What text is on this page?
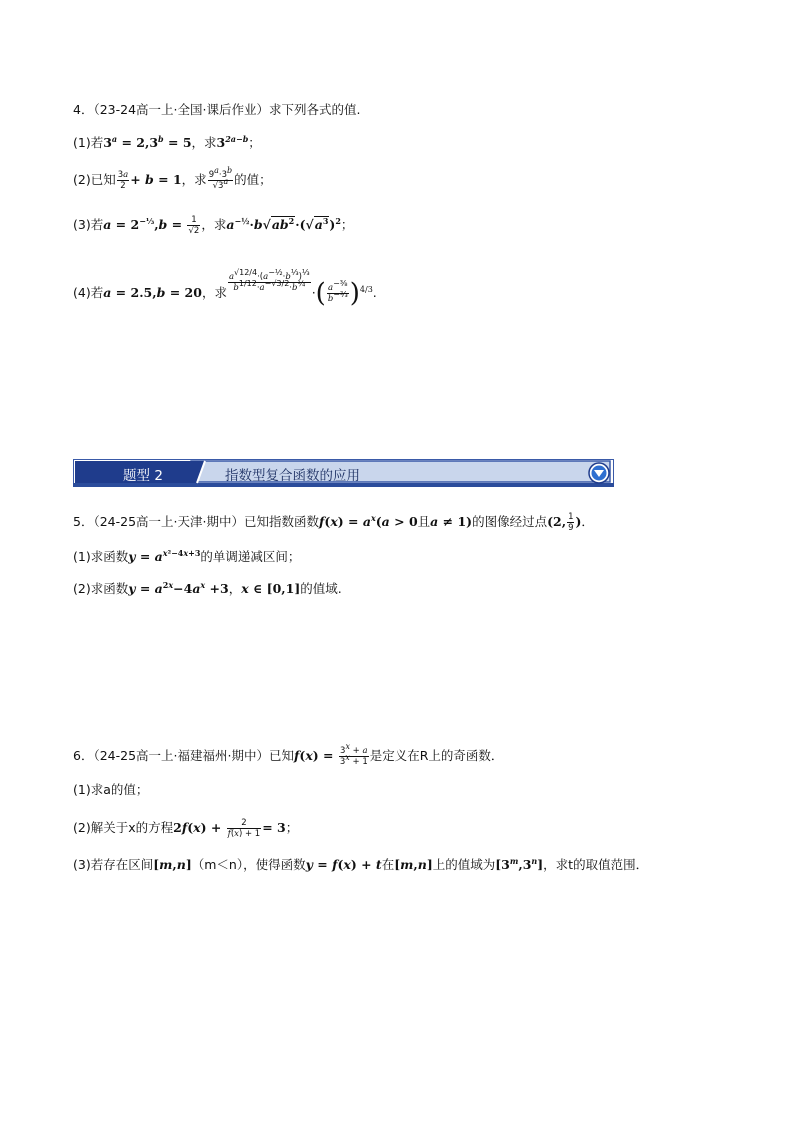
4．（23-24高一上·全国·课后作业）求下列各式的值.
(1)若$3^a = 2,3^b = 5$，求$3^{2a-b}$；
(2)已知 $\frac{3a}{2} + b = 1$，求 $\frac{9^a\cdot 3^b}{√3^a}$ 的值；
(3)若$a = 2^{-\frac{1}{3}},b = \frac{1}{√2}$ ，求$a^{-\frac{1}{2}}\cdot b√ab^2\cdot(√a^3)^2$；
(4)若a = 2.5,b = 20，求 $\frac{a^{√12/4}\cdot(a^{-\frac{1}{2}}\cdot b^{\frac{1}{3}})^{\frac{1}{3}}}{b^{1/12}\cdot a^{-√3/2}\cdot b^{\frac{1}{4}}}$ ·( $\frac{a^{-\frac{3}{8}}}{b^{-\frac{2}{3}}} )^{4/3}$.
题型 2	指数型复合函数的应用
5．（24-25高一上·天津·期中）已知指数函数$f(x) = a^x(a > 0$且a ≠ 1)的图像经过点(2, $\frac{1}{9}$ )．
(1)求函数$y = a^{x^2-4x+3}$的单调递减区间；
(2)求函数$y = a^{2x}-4a^x +3$，x ∈ [0,1]的值域.
6．（24-25高一上·福建福州·期中）已知$f(x) = \frac{3^x + a}{3^x + 1}$ 是定义在R上的奇函数．
(1)求a的值；
(2)解关于x的方程$2f(x) + \frac{2}{f(x) + 1} = 3$；
(3)若存在区间[m,n]（m＜n），使得函数y = f(x) + t在[m,n]上的值域为[3$^m$,3$^n$]，求t的取值范围．
